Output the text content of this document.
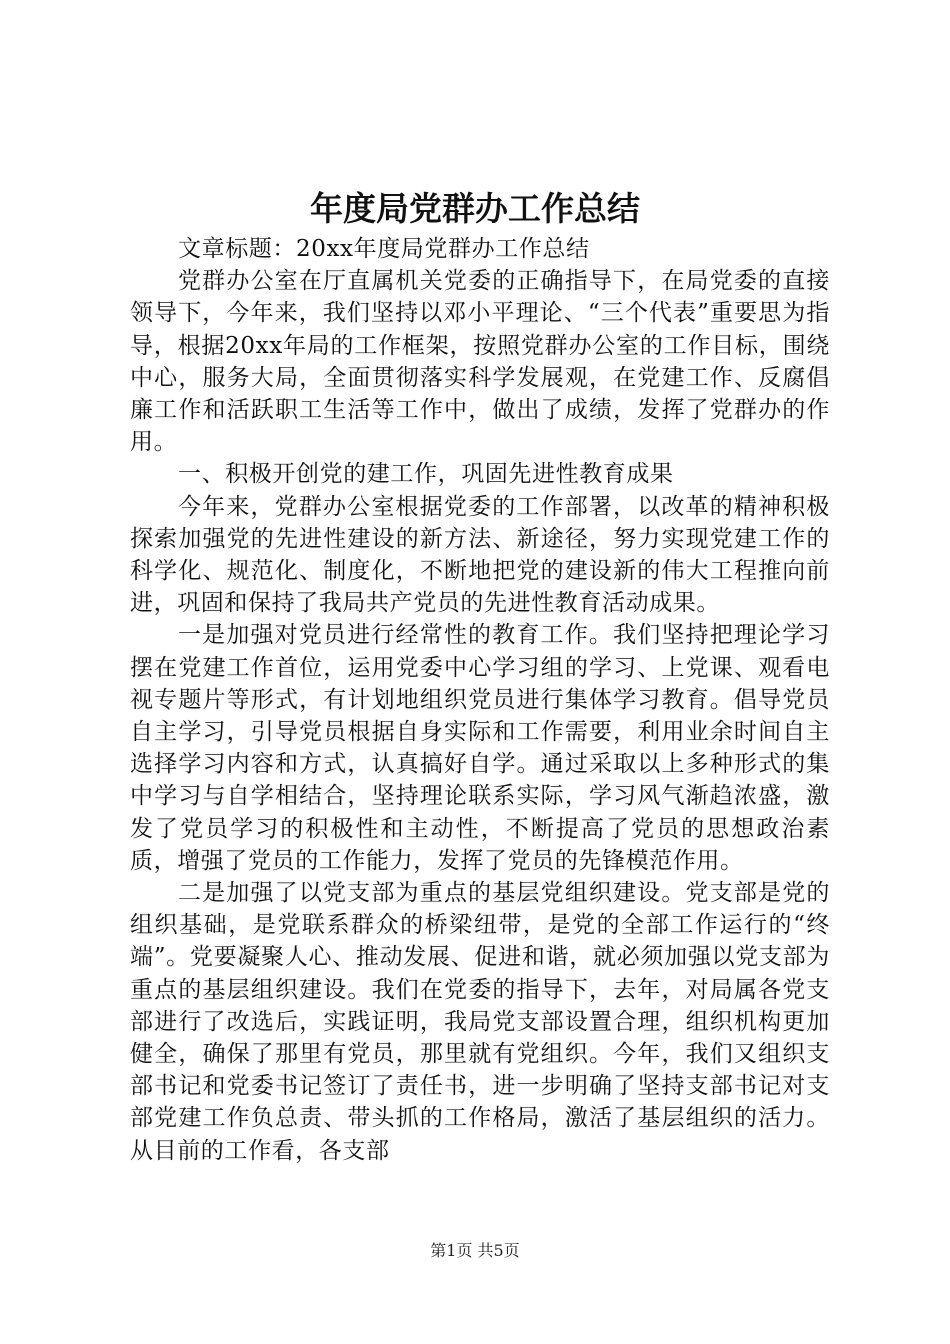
年度局党群办工作总结

文章标题：20xx年度局党群办工作总结

党群办公室在厅直属机关党委的正确指导下，在局党委的直接领导下，今年来，我们坚持以邓小平理论、“三个代表”重要思为指导，根据20xx年局的工作框架，按照党群办公室的工作目标，围绕中心，服务大局，全面贯彻落实科学发展观，在党建工作、反腐倡廉工作和活跃职工生活等工作中，做出了成绩，发挥了党群办的作用。

一、积极开创党的建工作，巩固先进性教育成果

今年来，党群办公室根据党委的工作部署，以改革的精神积极探索加强党的先进性建设的新方法、新途径，努力实现党建工作的科学化、规范化、制度化，不断地把党的建设新的伟大工程推向前进，巩固和保持了我局共产党员的先进性教育活动成果。

一是加强对党员进行经常性的教育工作。我们坚持把理论学习摆在党建工作首位，运用党委中心学习组的学习、上党课、观看电视专题片等形式，有计划地组织党员进行集体学习教育。倡导党员自主学习，引导党员根据自身实际和工作需要，利用业余时间自主选择学习内容和方式，认真搞好自学。通过采取以上多种形式的集中学习与自学相结合，坚持理论联系实际，学习风气渐趋浓盛，激发了党员学习的积极性和主动性，不断提高了党员的思想政治素质，增强了党员的工作能力，发挥了党员的先锋模范作用。

二是加强了以党支部为重点的基层党组织建设。党支部是党的组织基础，是党联系群众的桥梁纽带，是党的全部工作运行的“终端”。党要凝聚人心、推动发展、促进和谐，就必须加强以党支部为重点的基层组织建设。我们在党委的指导下，去年，对局属各党支部进行了改选后，实践证明，我局党支部设置合理，组织机构更加健全，确保了那里有党员，那里就有党组织。今年，我们又组织支部书记和党委书记签订了责任书，进一步明确了坚持支部书记对支部党建工作负总责、带头抓的工作格局，激活了基层组织的活力。从目前的工作看，各支部

第1页 共5页
